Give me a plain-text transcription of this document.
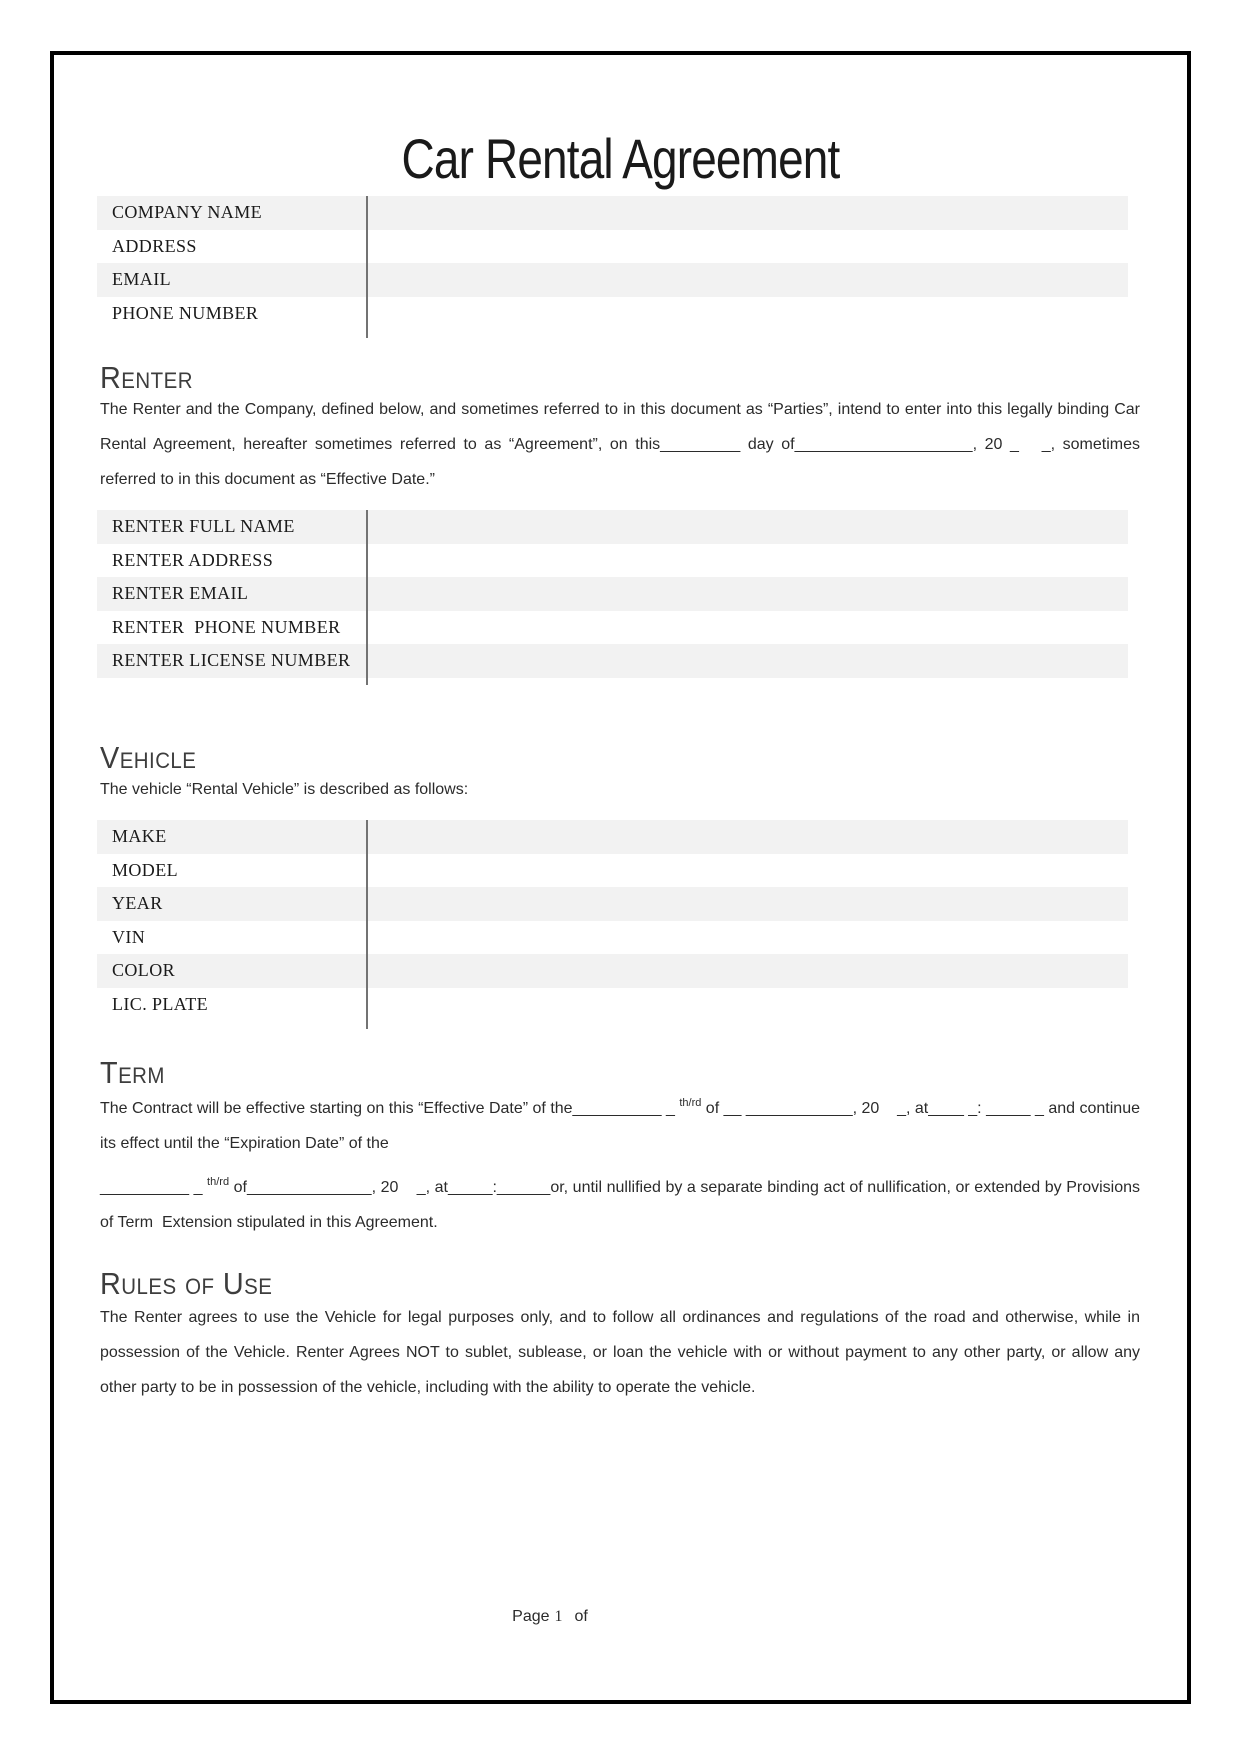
Car Rental Agreement
COMPANY NAME
ADDRESS
EMAIL
PHONE NUMBER
Renter

The Renter and the Company, defined below, and sometimes referred to in this document as “Parties”, intend to enter into this legally binding Car Rental Agreement, hereafter sometimes referred to as “Agreement”, on this_________ day of____________________, 20 _   _, sometimes referred to in this document as “Effective Date.”

RENTER FULL NAME
RENTER ADDRESS
RENTER EMAIL
RENTER  PHONE NUMBER
RENTER LICENSE NUMBER
Vehicle

The vehicle “Rental Vehicle” is described as follows:

MAKE
MODEL
YEAR
VIN
COLOR
LIC. PLATE
Term

The Contract will be effective starting on this “Effective Date” of the__________ _ $^{th/rd}$ of __ ____________, 20    _, at____ _: _____ _ and continue its effect until the “Expiration Date” of the

__________ _ $^{th/rd}$ of______________, 20    _, at_____:______or, until nullified by a separate binding act of nullification, or extended by Provisions of Term  Extension stipulated in this Agreement.

Rules of Use

The Renter agrees to use the Vehicle for legal purposes only, and to follow all ordinances and regulations of the road and otherwise, while in possession of the Vehicle. Renter Agrees NOT to sublet, sublease, or loan the vehicle with or without payment to any other party, or allow any other party to be in possession of the vehicle, including with the ability to operate the vehicle.

Page 1 of
